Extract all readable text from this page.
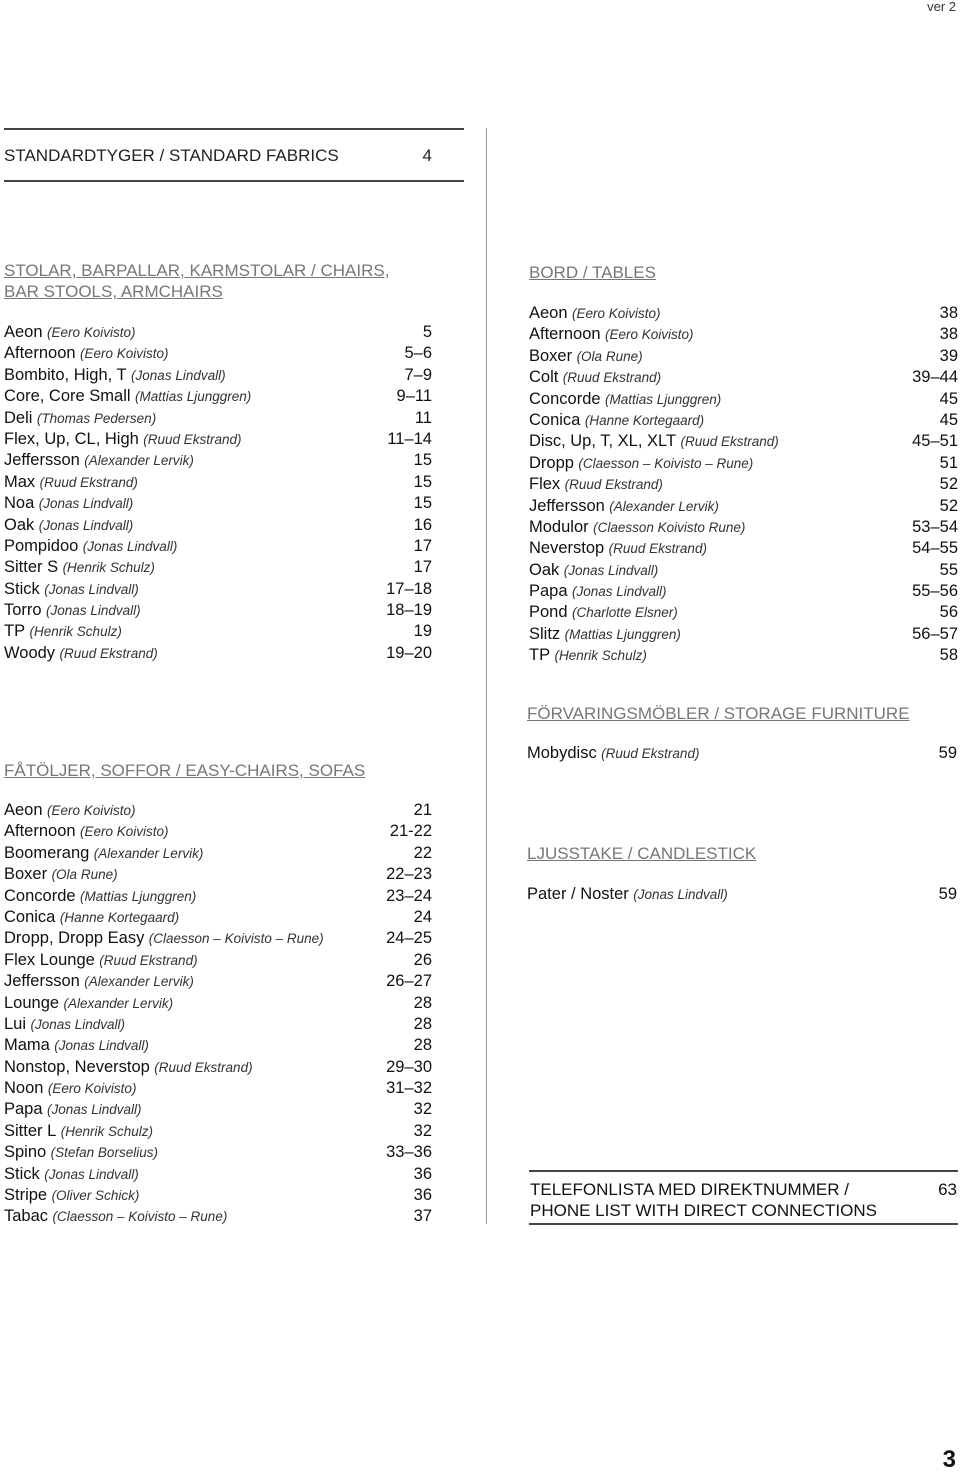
ver 2
STANDARDTYGER / STANDARD FABRICS	4
STOLAR, BARPALLAR, KARMSTOLAR / CHAIRS,
BAR STOOLS, ARMCHAIRS
Aeon (Eero Koivisto)	5
Afternoon (Eero Koivisto)	5–6
Bombito, High, T (Jonas Lindvall)	7–9
Core, Core Small (Mattias Ljunggren)	9–11
Deli (Thomas Pedersen)	11
Flex, Up, CL, High (Ruud Ekstrand)	11–14
Jeffersson (Alexander Lervik)	15
Max (Ruud Ekstrand)	15
Noa (Jonas Lindvall)	15
Oak (Jonas Lindvall)	16
Pompidoo (Jonas Lindvall)	17
Sitter S (Henrik Schulz)	17
Stick (Jonas Lindvall)	17–18
Torro (Jonas Lindvall)	18–19
TP (Henrik Schulz)	19
Woody (Ruud Ekstrand)	19–20
FÅTÖLJER, SOFFOR / EASY-CHAIRS, SOFAS
Aeon (Eero Koivisto)	21
Afternoon (Eero Koivisto)	21-22
Boomerang (Alexander Lervik)	22
Boxer (Ola Rune)	22–23
Concorde (Mattias Ljunggren)	23–24
Conica (Hanne Kortegaard)	24
Dropp, Dropp Easy (Claesson – Koivisto – Rune)	24–25
Flex Lounge (Ruud Ekstrand)	26
Jeffersson (Alexander Lervik)	26–27
Lounge (Alexander Lervik)	28
Lui (Jonas Lindvall)	28
Mama (Jonas Lindvall)	28
Nonstop, Neverstop (Ruud Ekstrand)	29–30
Noon (Eero Koivisto)	31–32
Papa (Jonas Lindvall)	32
Sitter L (Henrik Schulz)	32
Spino (Stefan Borselius)	33–36
Stick (Jonas Lindvall)	36
Stripe (Oliver Schick)	36
Tabac (Claesson – Koivisto – Rune)	37
BORD / TABLES
Aeon (Eero Koivisto)	38
Afternoon (Eero Koivisto)	38
Boxer (Ola Rune)	39
Colt (Ruud Ekstrand)	39–44
Concorde (Mattias Ljunggren)	45
Conica (Hanne Kortegaard)	45
Disc, Up, T, XL, XLT (Ruud Ekstrand)	45–51
Dropp (Claesson – Koivisto – Rune)	51
Flex (Ruud Ekstrand)	52
Jeffersson (Alexander Lervik)	52
Modulor (Claesson Koivisto Rune)	53–54
Neverstop (Ruud Ekstrand)	54–55
Oak (Jonas Lindvall)	55
Papa (Jonas Lindvall)	55–56
Pond (Charlotte Elsner)	56
Slitz (Mattias Ljunggren)	56–57
TP (Henrik Schulz)	58
FÖRVARINGSMÖBLER / STORAGE FURNITURE
Mobydisc (Ruud Ekstrand)	59
LJUSSTAKE / CANDLESTICK
Pater / Noster (Jonas Lindvall)	59
TELEFONLISTA MED DIREKTNUMMER /
PHONE LIST WITH DIRECT CONNECTIONS
63
3
